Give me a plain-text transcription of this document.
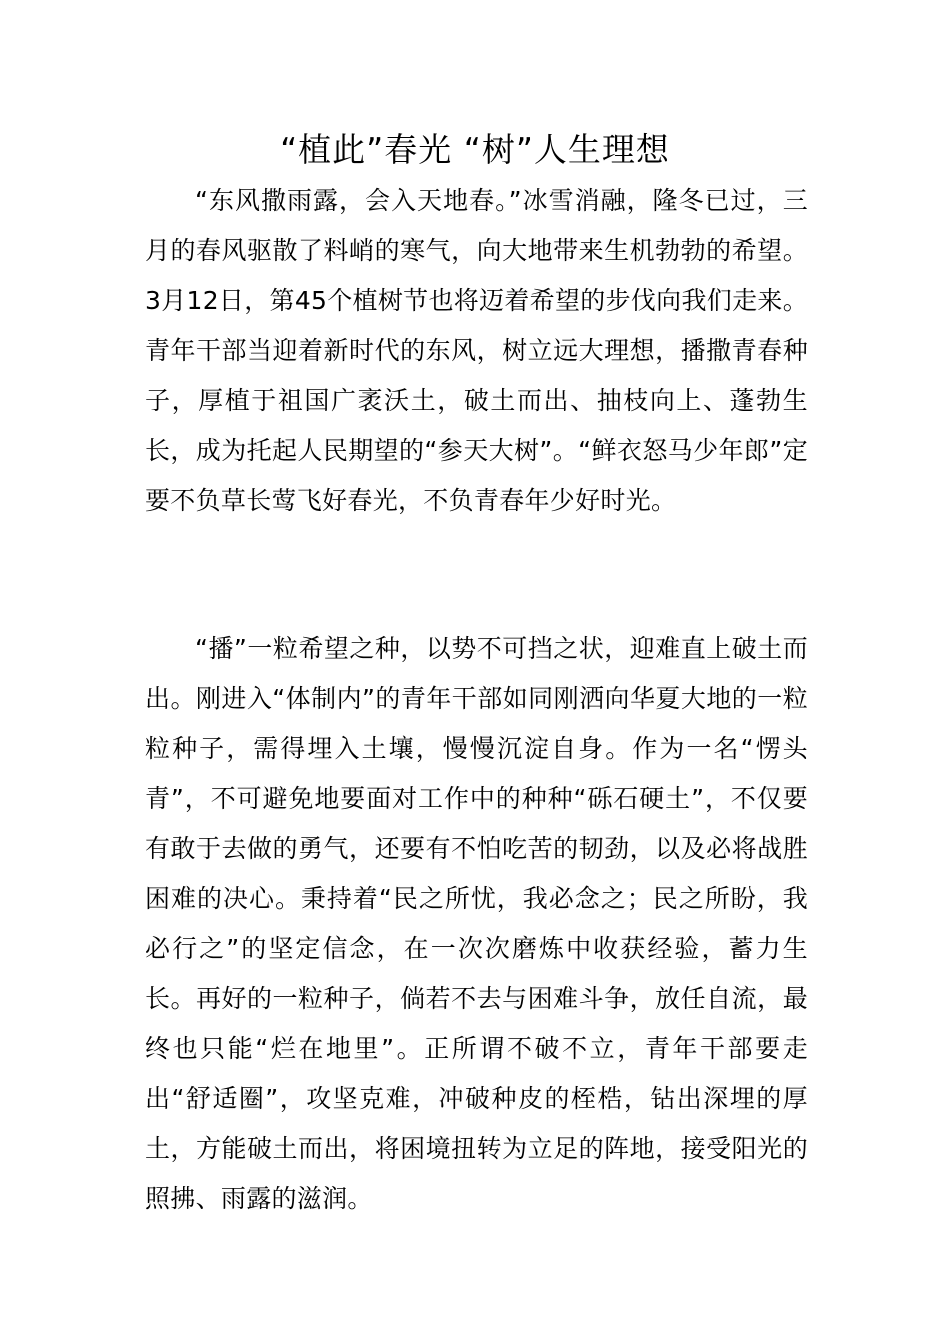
“植此”春光 “树”人生理想

“东风撒雨露，会入天地春。”冰雪消融，隆冬已过，三月的春风驱散了料峭的寒气，向大地带来生机勃勃的希望。3月12日，第45个植树节也将迈着希望的步伐向我们走来。青年干部当迎着新时代的东风，树立远大理想，播撒青春种子，厚植于祖国广袤沃土，破土而出、抽枝向上、蓬勃生长，成为托起人民期望的“参天大树”。“鲜衣怒马少年郎”定要不负草长莺飞好春光，不负青春年少好时光。

“播”一粒希望之种，以势不可挡之状，迎难直上破土而出。刚进入“体制内”的青年干部如同刚洒向华夏大地的一粒粒种子，需得埋入土壤，慢慢沉淀自身。作为一名“愣头青”，不可避免地要面对工作中的种种“砾石硬土”，不仅要有敢于去做的勇气，还要有不怕吃苦的韧劲，以及必将战胜困难的决心。秉持着“民之所忧，我必念之；民之所盼，我必行之”的坚定信念，在一次次磨炼中收获经验，蓄力生长。再好的一粒种子，倘若不去与困难斗争，放任自流，最终也只能“烂在地里”。正所谓不破不立，青年干部要走出“舒适圈”，攻坚克难，冲破种皮的桎梏，钻出深埋的厚土，方能破土而出，将困境扭转为立足的阵地，接受阳光的照拂、雨露的滋润。
